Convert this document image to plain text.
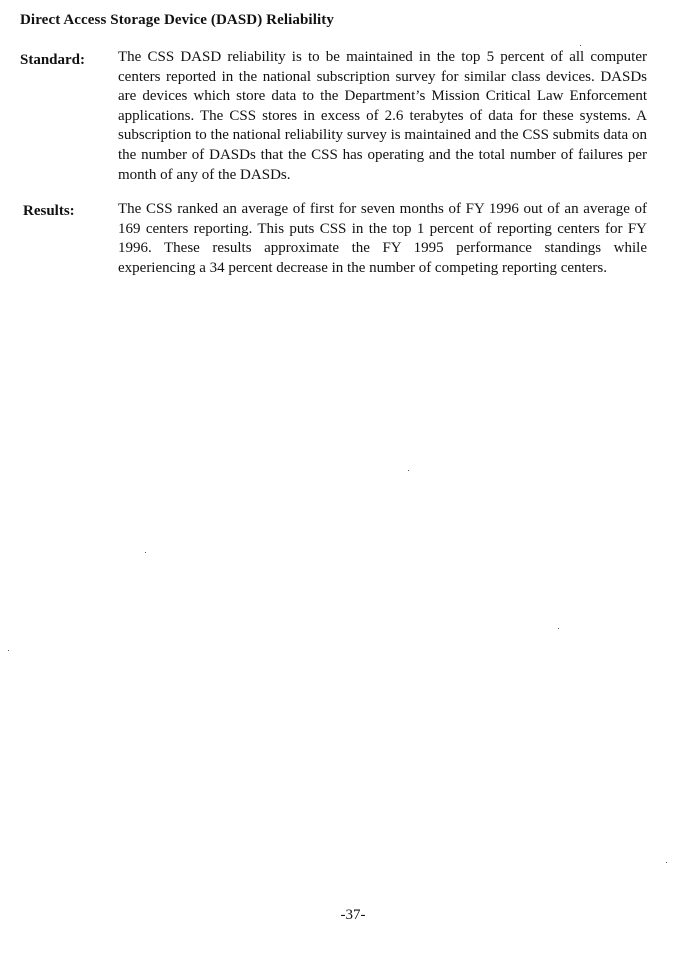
Direct Access Storage Device (DASD) Reliability
Standard: The CSS DASD reliability is to be maintained in the top 5 percent of all computer centers reported in the national subscription survey for similar class devices. DASDs are devices which store data to the Department’s Mission Critical Law Enforcement applications. The CSS stores in excess of 2.6 terabytes of data for these systems. A subscription to the national reliability survey is maintained and the CSS submits data on the number of DASDs that the CSS has operating and the total number of failures per month of any of the DASDs.
Results:	The CSS ranked an average of first for seven months of FY 1996 out of an average of 169 centers reporting. This puts CSS in the top 1 percent of reporting centers for FY 1996. These results approximate the FY 1995 performance standings while experiencing a 34 percent decrease in the number of competing reporting centers.
-37-
